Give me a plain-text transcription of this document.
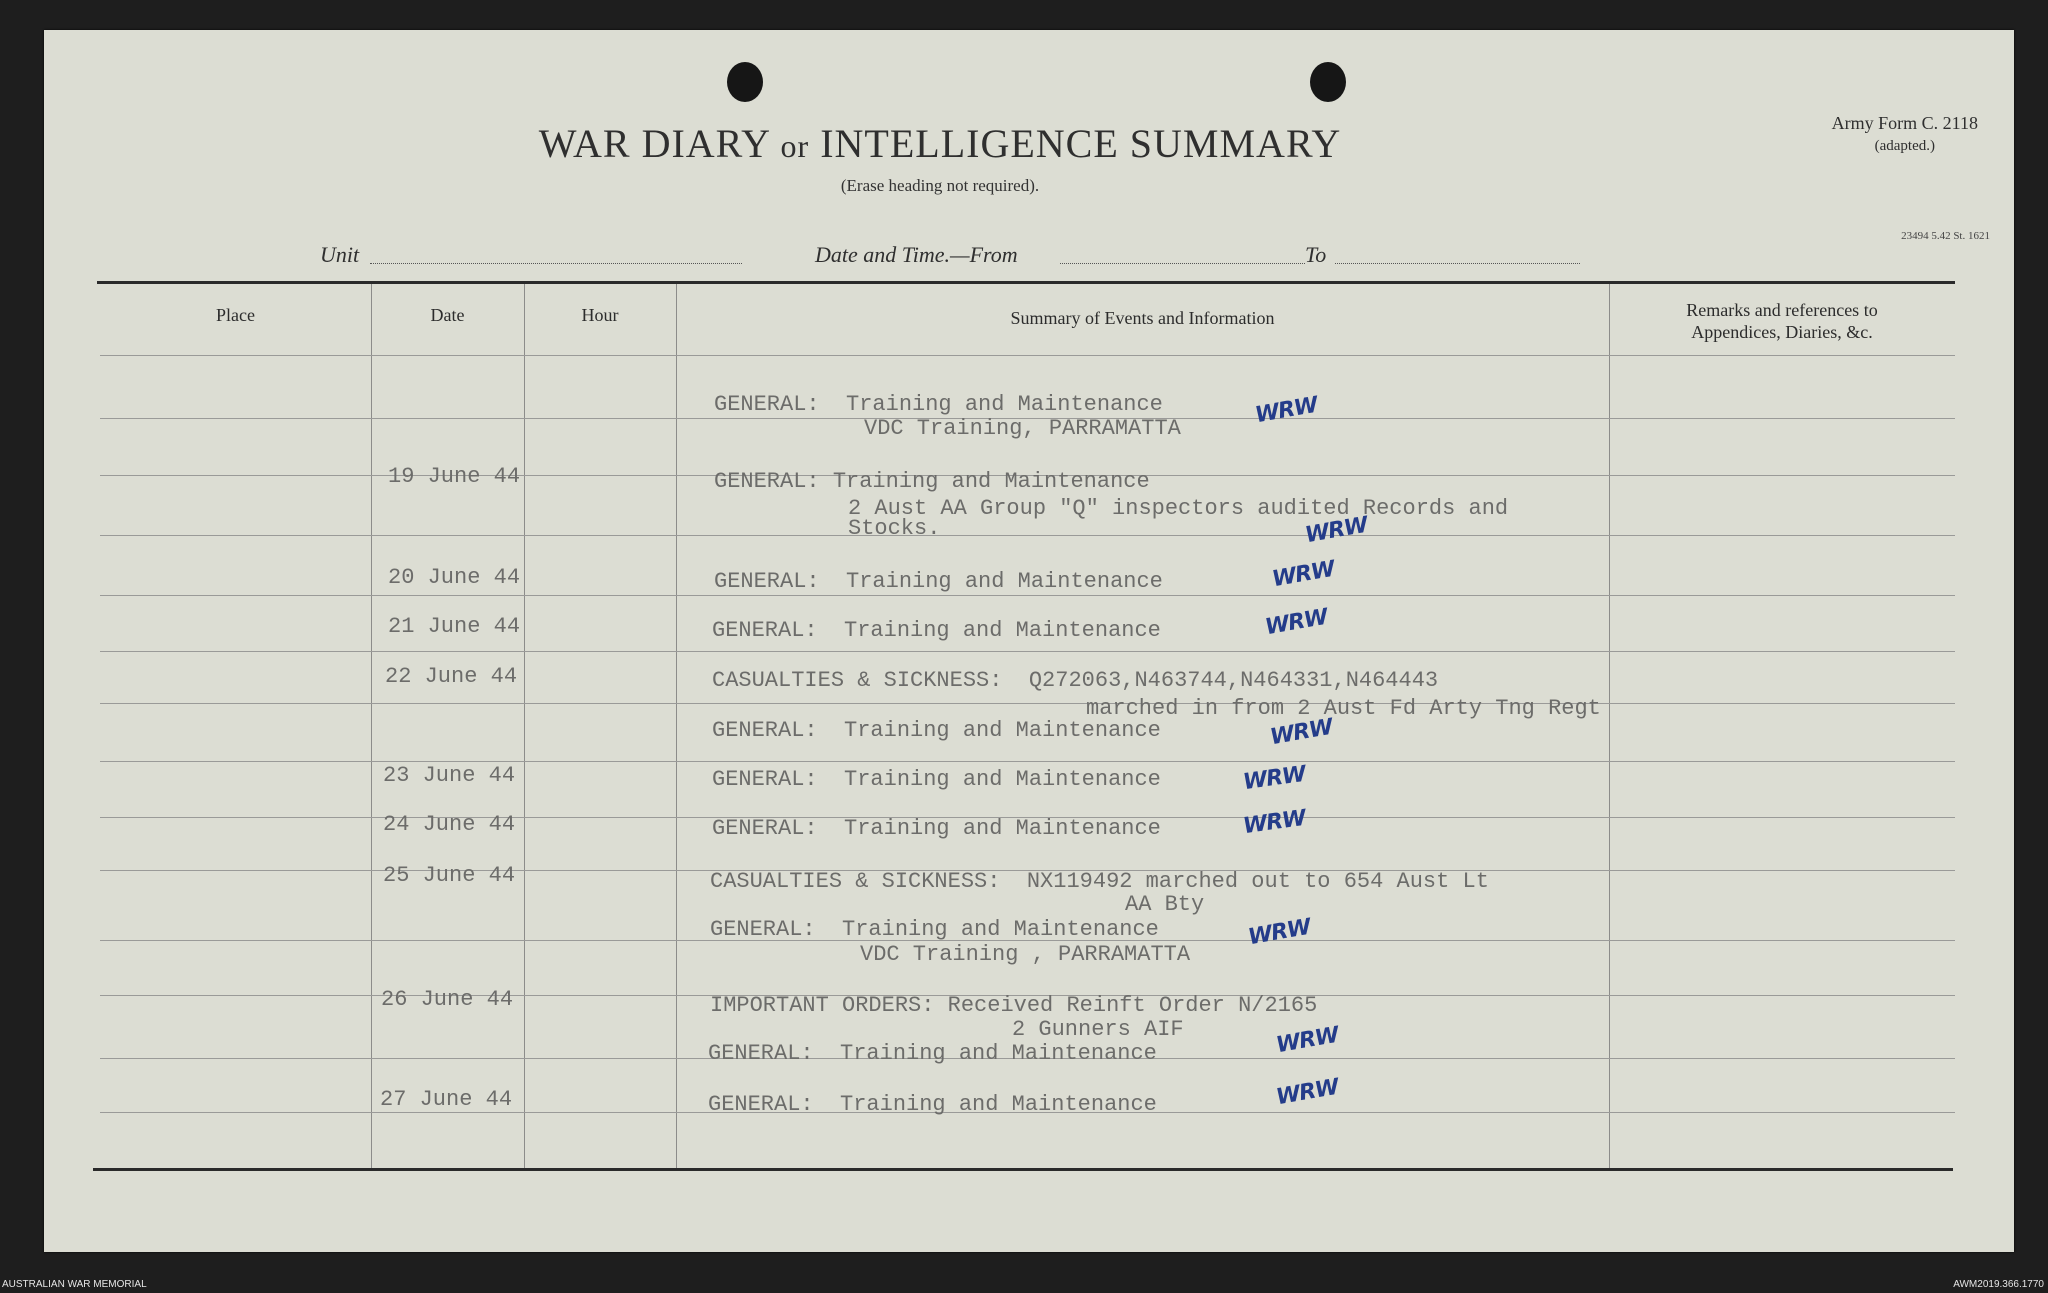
WAR DIARY or INTELLIGENCE SUMMARY
(Erase heading not required).
Army Form C. 2118
(adapted.)
23494 5.42 St. 1621
Unit	Date and Time.—From	To
Place	Date	Hour	Summary of Events and Information	Remarks and references to
Appendices, Diaries, &c.
GENERAL:  Training and Maintenance
VDC Training, PARRAMATTA
WRW
19 June 44	GENERAL: Training and Maintenance
2 Aust AA Group "Q" inspectors audited Records and
Stocks.	WRW
20 June 44	GENERAL:  Training and Maintenance	WRW
21 June 44	GENERAL:  Training and Maintenance	WRW
22 June 44	CASUALTIES & SICKNESS:  Q272063,N463744,N464331,N464443
marched in from 2 Aust Fd Arty Tng Regt
GENERAL:  Training and Maintenance	WRW
23 June 44	GENERAL:  Training and Maintenance	WRW
24 June 44	GENERAL:  Training and Maintenance	WRW
25 June 44	CASUALTIES & SICKNESS:  NX119492 marched out to 654 Aust Lt
AA Bty
GENERAL:  Training and Maintenance
VDC Training , PARRAMATTA
WRW
26 June 44	IMPORTANT ORDERS: Received Reinft Order N/2165
2 Gunners AIF
GENERAL:  Training and Maintenance	WRW
27 June 44	GENERAL:  Training and Maintenance	WRW
AUSTRALIAN WAR MEMORIAL	AWM2019.366.1770
